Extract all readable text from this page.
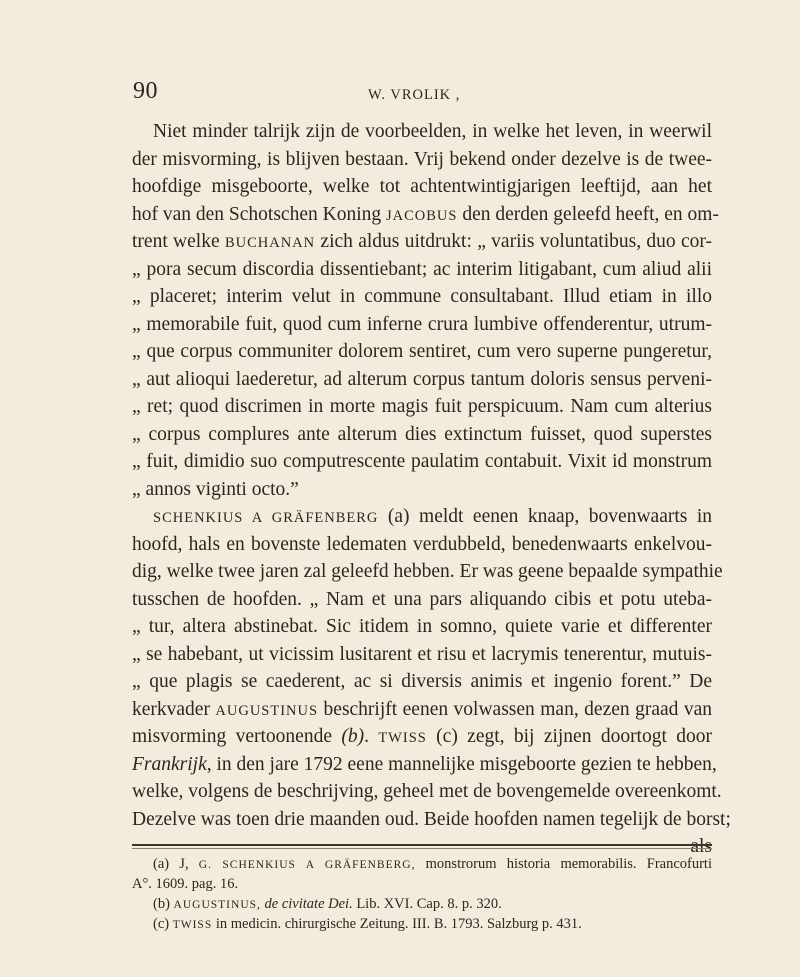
90	W. VROLIK ,
Niet minder talrijk zijn de voorbeelden, in welke het leven, in weerwil
der misvorming, is blijven bestaan. Vrij bekend onder dezelve is de twee-
hoofdige misgeboorte, welke tot achtentwintigjarigen leeftijd, aan het
hof van den Schotschen Koning JACOBUS den derden geleefd heeft, en om-
trent welke BUCHANAN zich aldus uitdrukt: „ variis voluntatibus, duo cor-
„ pora secum discordia dissentiebant; ac interim litigabant, cum aliud alii
„ placeret; interim velut in commune consultabant. Illud etiam in illo
„ memorabile fuit, quod cum inferne crura lumbive offenderentur, utrum-
„ que corpus communiter dolorem sentiret, cum vero superne pungeretur,
„ aut alioqui laederetur, ad alterum corpus tantum doloris sensus perveni-
„ ret; quod discrimen in morte magis fuit perspicuum. Nam cum alterius
„ corpus complures ante alterum dies extinctum fuisset, quod superstes
„ fuit, dimidio suo computrescente paulatim contabuit. Vixit id monstrum
„ annos viginti octo.”
SCHENKIUS A GRÄFENBERG (a) meldt eenen knaap, bovenwaarts in
hoofd, hals en bovenste ledematen verdubbeld, benedenwaarts enkelvou-
dig, welke twee jaren zal geleefd hebben. Er was geene bepaalde sympathie
tusschen de hoofden. „ Nam et una pars aliquando cibis et potu uteba-
„ tur, altera abstinebat. Sic itidem in somno, quiete varie et differenter
„ se habebant, ut vicissim lusitarent et risu et lacrymis tenerentur, mutuis-
„ que plagis se caederent, ac si diversis animis et ingenio forent.” De
kerkvader AUGUSTINUS beschrijft eenen volwassen man, dezen graad van
misvorming vertoonende (b). TWISS (c) zegt, bij zijnen doortogt door
Frankrijk, in den jare 1792 eene mannelijke misgeboorte gezien te hebben,
welke, volgens de beschrijving, geheel met de bovengemelde overeenkomt.
Dezelve was toen drie maanden oud. Beide hoofden namen tegelijk de borst;
als
(a) J, G. SCHENKIUS A GRÄFENBERG, monstrorum historia memorabilis. Francofurti
A°. 1609. pag. 16.
(b) AUGUSTINUS, de civitate Dei. Lib. XVI. Cap. 8. p. 320.
(c) TWISS in medicin. chirurgische Zeitung. III. B. 1793. Salzburg p. 431.
